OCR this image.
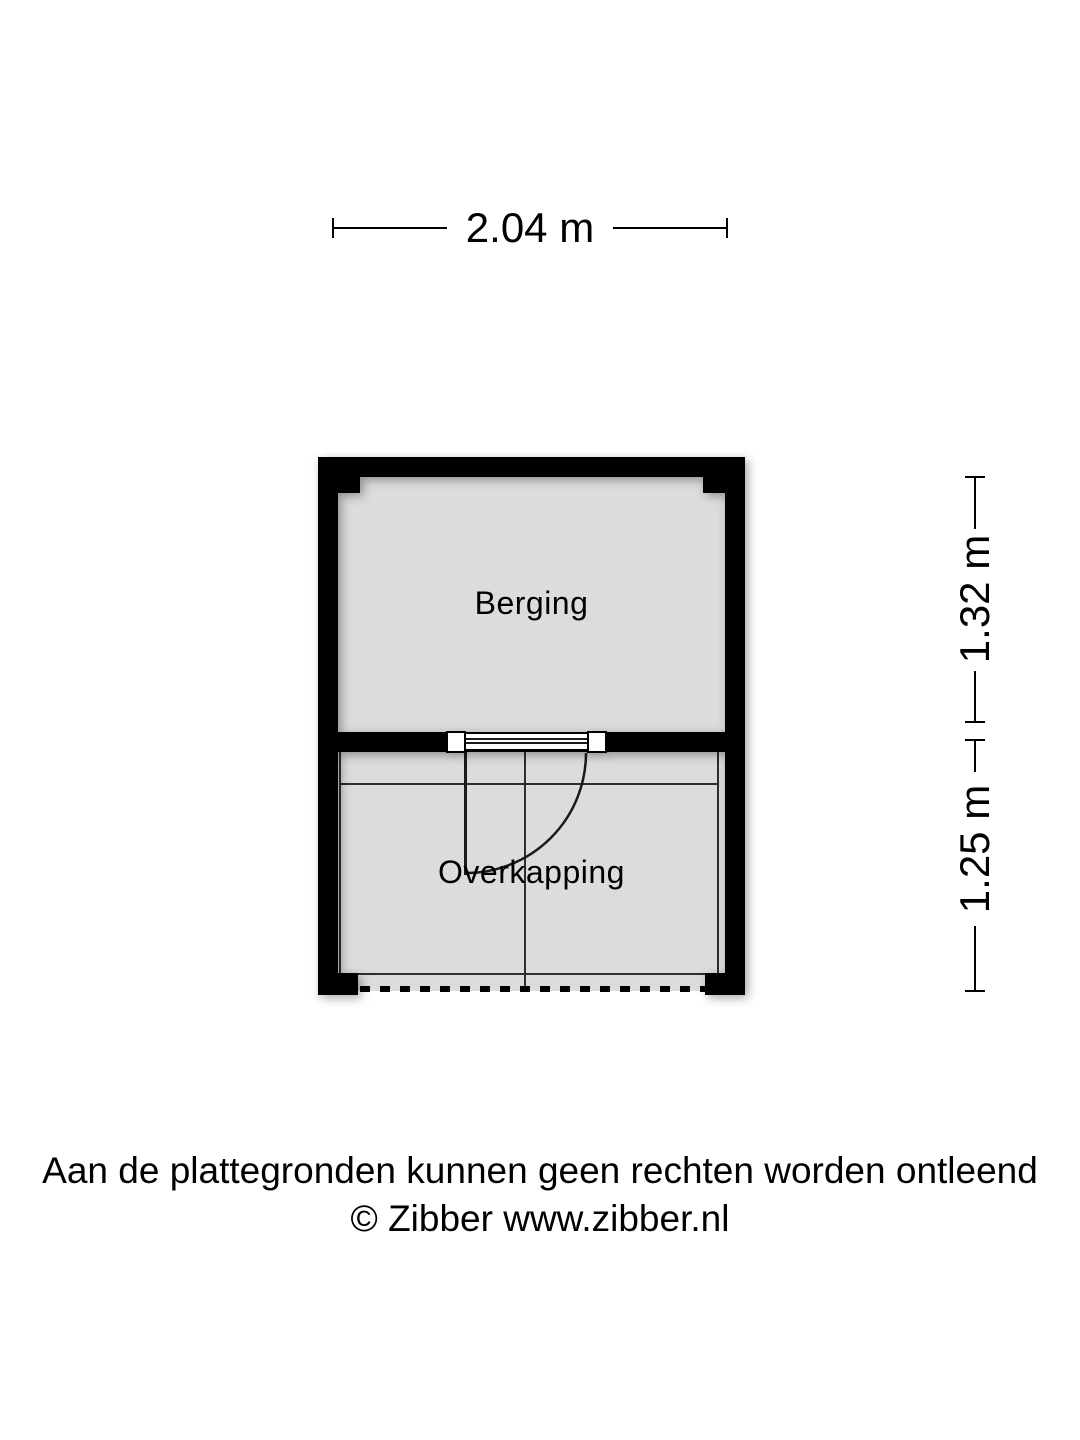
2.04 m
1.32 m
1.25 m
Berging
Overkapping
Aan de plattegronden kunnen geen rechten worden ontleend
© Zibber www.zibber.nl
